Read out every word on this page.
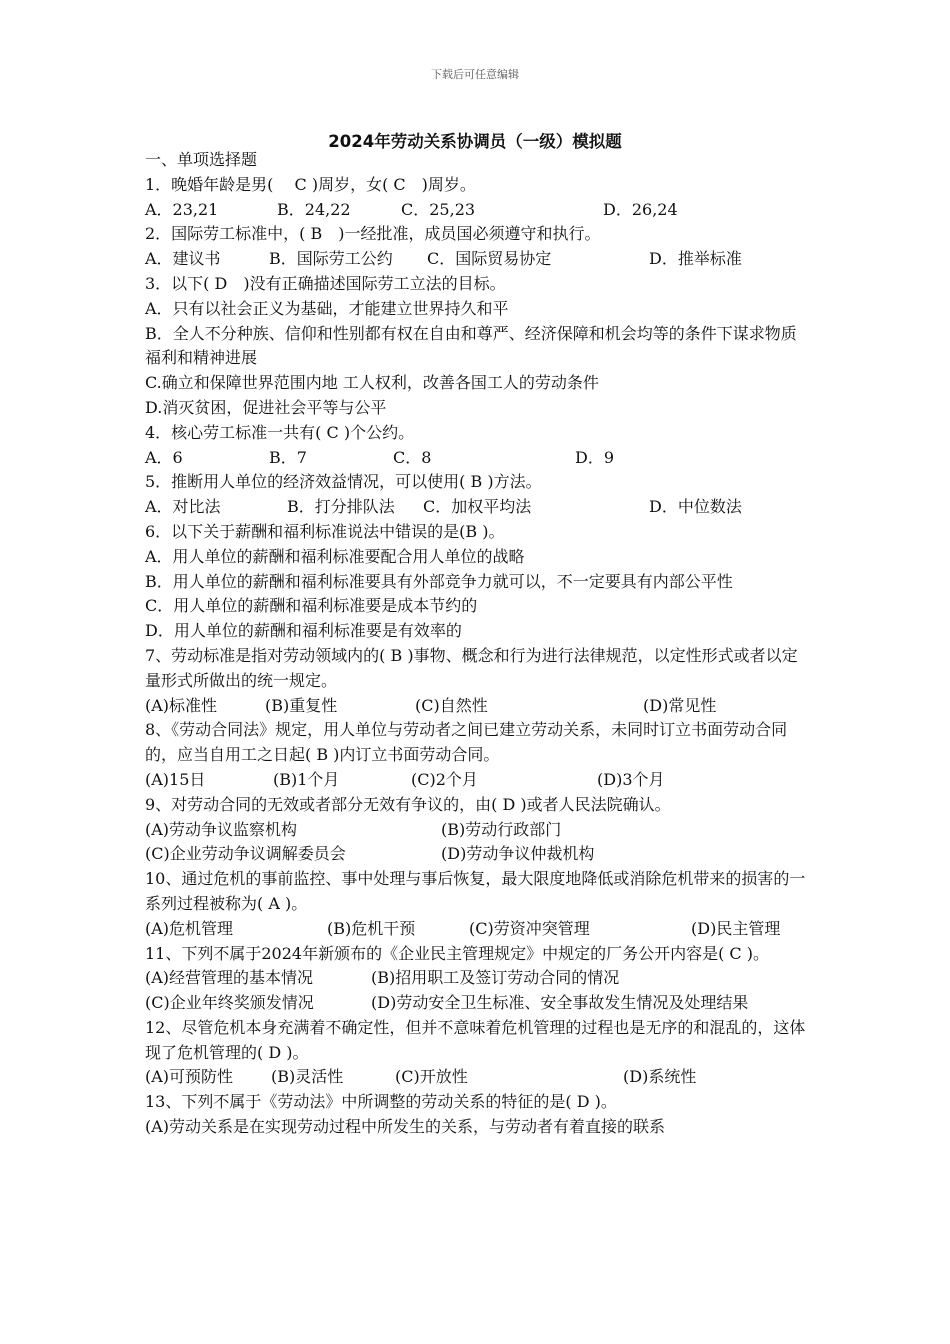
下载后可任意编辑
2024年劳动关系协调员（一级）模拟题
一、单项选择题
1．晚婚年龄是男(　 C )周岁，女( C　)周岁。
A．23,21	B．24,22	C．25,23	D．26,24
2．国际劳工标准中，( B　)一经批准，成员国必须遵守和执行。
A．建议书	B．国际劳工公约	C．国际贸易协定	D．推举标准
3．以下( D　)没有正确描述国际劳工立法的目标。
A．只有以社会正义为基础，才能建立世界持久和平
B．全人不分种族、信仰和性别都有权在自由和尊严、经济保障和机会均等的条件下谋求物质福利和精神进展
C.确立和保障世界范围内地 工人权利，改善各国工人的劳动条件
D.消灭贫困，促进社会平等与公平
4．核心劳工标准一共有( C )个公约。
A．6	B．7	C．8	D．9
5．推断用人单位的经济效益情况，可以使用( B )方法。
A．对比法	B．打分排队法	C．加权平均法	D．中位数法
6．以下关于薪酬和福利标准说法中错误的是(B )。
A．用人单位的薪酬和福利标准要配合用人单位的战略
B．用人单位的薪酬和福利标准要具有外部竞争力就可以，不一定要具有内部公平性
C．用人单位的薪酬和福利标准要是成本节约的
D．用人单位的薪酬和福利标准要是有效率的
7、劳动标准是指对劳动领域内的( B )事物、概念和行为进行法律规范，以定性形式或者以定量形式所做出的统一规定。
(A)标准性	(B)重复性	(C)自然性	(D)常见性
8、《劳动合同法》规定，用人单位与劳动者之间已建立劳动关系，未同时订立书面劳动合同的，应当自用工之日起( B )内订立书面劳动合同。
(A)15日	(B)1个月	(C)2个月	(D)3个月
9、对劳动合同的无效或者部分无效有争议的，由( D )或者人民法院确认。
(A)劳动争议监察机构	(B)劳动行政部门
(C)企业劳动争议调解委员会	(D)劳动争议仲裁机构
10、通过危机的事前监控、事中处理与事后恢复，最大限度地降低或消除危机带来的损害的一系列过程被称为( A )。
(A)危机管理	(B)危机干预	(C)劳资冲突管理	(D)民主管理
11、下列不属于2024年新颁布的《企业民主管理规定》中规定的厂务公开内容是( C )。
(A)经营管理的基本情况	(B)招用职工及签订劳动合同的情况
(C)企业年终奖颁发情况	(D)劳动安全卫生标准、安全事故发生情况及处理结果
12、尽管危机本身充满着不确定性，但并不意味着危机管理的过程也是无序的和混乱的，这体现了危机管理的( D )。
(A)可预防性	(B)灵活性	(C)开放性	(D)系统性
13、下列不属于《劳动法》中所调整的劳动关系的特征的是( D )。
(A)劳动关系是在实现劳动过程中所发生的关系，与劳动者有着直接的联系
